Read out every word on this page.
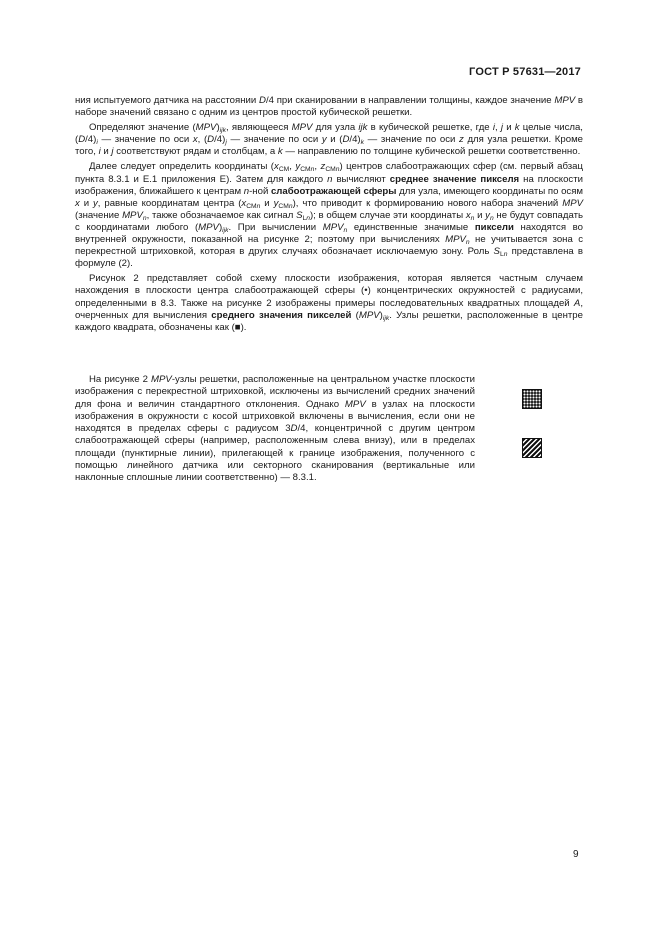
ГОСТ Р 57631—2017

ния испытуемого датчика на расстоянии D/4 при сканировании в направлении толщины, каждое значение MPV в наборе значений связано с одним из центров простой кубической решетки.

Определяют значение $(MPV)_{ijk}$, являющееся MPV для узла ijk в кубической решетке, где i, j и k целые числа, $(D/4)_i$ — значение по оси x, $(D/4)_j$ — значение по оси y и $(D/4)_k$ — значение по оси z для узла решетки. Кроме того, i и j соответствуют рядам и столбцам, а k — направлению по толщине кубической решетки соответственно.

Далее следует определить координаты ($x_{CM}$, $y_{CMn}$, $z_{CMn}$) центров слабоотражающих сфер (см. первый абзац пункта 8.3.1 и Е.1 приложения Е). Затем для каждого n вычисляют среднее значение пикселя на плоскости изображения, ближайшего к центрам n-ной слабоотражающей сферы для узла, имеющего координаты по осям x и y, равные координатам центра ($x_{CMn}$ и $y_{CMn}$), что приводит к формированию нового набора значений MPV (значение $MPV_n$, также обозначаемое как сигнал $S_{Ln}$); в общем случае эти координаты $x_n$ и $y_n$ не будут совпадать с координатами любого $(MPV)_{ijk}$. При вычислении $MPV_n$ единственные значимые пиксели находятся во внутренней окружности, показанной на рисунке 2; поэтому при вычислениях $MPV_n$ не учитывается зона с перекрестной штриховкой, которая в других случаях обозначает исключаемую зону. Роль $S_{Ln}$ представлена в формуле (2).

Рисунок 2 представляет собой схему плоскости изображения, которая является частным случаем нахождения в плоскости центра слабоотражающей сферы (•) концентрических окружностей с радиусами, определенными в 8.3. Также на рисунке 2 изображены примеры последовательных квадратных площадей A, очерченных для вычисления среднего значения пикселей $(MPV)_{ijk}$. Узлы решетки, расположенные в центре каждого квадрата, обозначены как (■).

На рисунке 2 MPV-узлы решетки, расположенные на центральном участке плоскости изображения с перекрестной штриховкой, исключены из вычислений средних значений для фона и величин стандартного отклонения. Однако MPV в узлах на плоскости изображения в окружности с косой штриховкой включены в вычисления, если они не находятся в пределах сферы с радиусом 3D/4, концентричной с другим центром слабоотражающей сферы (например, расположенным слева внизу), или в пределах площади (пунктирные линии), прилегающей к границе изображения, полученного с помощью линейного датчика или секторного сканирования (вертикальные или наклонные сплошные линии соответственно) — 8.3.1.

9
